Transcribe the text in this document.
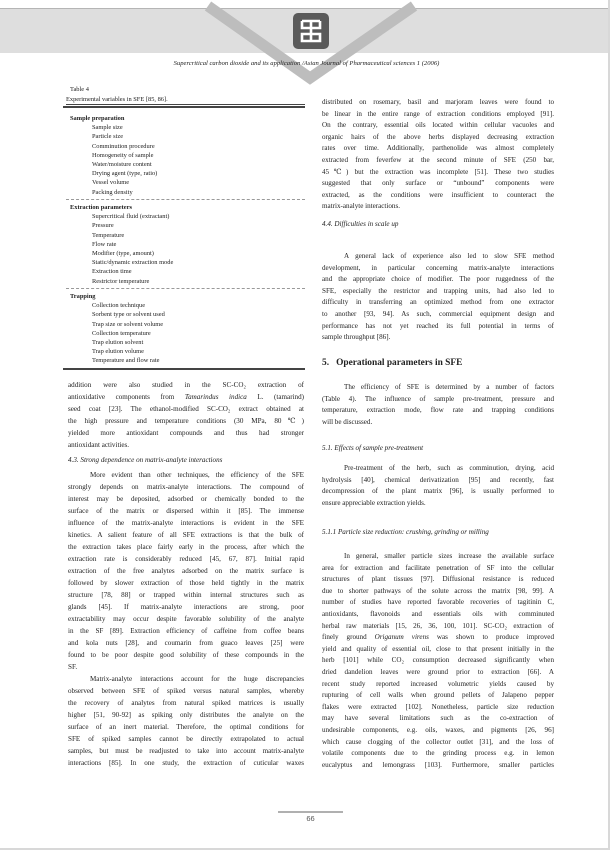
Supercritical carbon dioxide and its application /Asian Journal of Pharmaceutical sciences 1 (2006)
Table 4
Experimental variables in SFE [85, 86].
Sample preparation
Sample size
Particle size
Comminution procedure
Homogeneity of sample
Water/moisture content
Drying agent (type, ratio)
Vessel volume
Packing density
Extraction parameters
Supercritical fluid (extractant)
Pressure
Temperature
Flow rate
Modifier (type, amount)
Static/dynamic extraction mode
Extraction time
Restrictor temperature
Trapping
Collection technique
Sorbent type or solvent used
Trap size or solvent volume
Collection temperature
Trap elution solvent
Trap elution volume
Temperature and flow rate
addition were also studied in the SC-CO₂ extraction of
antioxidative components from Tamarindus indica L. (tamarind)
seed coat [23]. The ethanol-modified SC-CO₂ extract obtained at
the high pressure and temperature conditions (30 MPa, 80℃)
yielded more antioxidant compounds and thus had stronger
antioxidant activities.
4.3. Strong dependence on matrix-analyte interactions
More evident than other techniques, the efficiency of the SFE
strongly depends on matrix-analyte interactions. The compound of
interest may be deposited, adsorbed or chemically bonded to the
surface of the matrix or dispersed within it [85]. The immense
influence of the matrix-analyte interactions is evident in the SFE
kinetics. A salient feature of all SFE extractions is that the bulk of
the extraction takes place fairly early in the process, after which the
extraction rate is considerably reduced [45, 67, 87]. Initial rapid
extraction of the free analytes adsorbed on the matrix surface is
followed by slower extraction of those held tightly in the matrix
structure [78, 88] or trapped within internal structures such as
glands [45]. If matrix-analyte interactions are strong, poor
extractability may occur despite favorable solubility of the analyte
in the SF [89]. Extraction efficiency of caffeine from coffee beans
and kola nuts [28], and coumarin from guaco leaves [25] were
found to be poor despite good solubility of these compounds in the
SF.
Matrix-analyte interactions account for the huge discrepancies
observed between SFE of spiked versus natural samples, whereby
the recovery of analytes from natural spiked matrices is usually
higher [51, 90-92] as spiking only distributes the analyte on the
surface of an inert material. Therefore, the optimal conditions for
SFE of spiked samples cannot be directly extrapolated to actual
samples, but must be readjusted to take into account matrix-analyte
interactions [85]. In one study, the extraction of cuticular waxes
distributed on rosemary, basil and marjoram leaves were found to
be linear in the entire range of extraction conditions employed [91].
On the contrary, essential oils located within cellular vacuoles and
organic hairs of the above herbs displayed decreasing extraction
rates over time. Additionally, parthenolide was almost completely
extracted from feverfew at the second minute of SFE (250 bar,
45℃) but the extraction was incomplete [51]. These two studies
suggested that only surface or “unbound” components were
extracted, as the conditions were insufficient to counteract the
matrix-analyte interactions.
4.4. Difficulties in scale up
A general lack of experience also led to slow SFE method
development, in particular concerning matrix-analyte interactions
and the appropriate choice of modifier. The poor ruggedness of the
SFE, especially the restrictor and trapping units, had also led to
difficulty in transferring an optimized method from one extractor
to another [93, 94]. As such, commercial equipment design and
performance has not yet reached its full potential in terms of
sample throughput [86].
5.   Operational parameters in SFE
The efficiency of SFE is determined by a number of factors
(Table 4). The influence of sample pre-treatment, pressure and
temperature, extraction mode, flow rate and trapping conditions
will be discussed.
5.1. Effects of sample pre-treatment
Pre-treatment of the herb, such as comminution, drying, acid
hydrolysis [40], chemical derivatization [95] and recently, fast
decompression of the plant matrix [96], is usually performed to
ensure appreciable extraction yields.
5.1.1 Particle size reduction: crushing, grinding or milling
In general, smaller particle sizes increase the available surface
area for extraction and facilitate penetration of SF into the cellular
structures of plant tissues [97]. Diffusional resistance is reduced
due to shorter pathways of the solute across the matrix [98, 99]. A
number of studies have reported favorable recoveries of tagitinin C,
antioxidants, flavonoids and essentials oils with comminuted
herbal raw materials [15, 26, 36, 100, 101]. SC-CO₂ extraction of
finely ground Origanum virens was shown to produce improved
yield and quality of essential oil, close to that present initially in the
herb [101] while CO₂ consumption decreased significantly when
dried dandelion leaves were ground prior to extraction [66]. A
recent study reported increased volumetric yields caused by
rupturing of cell walls when ground pellets of Jalapeno pepper
flakes were extracted [102]. Nonetheless, particle size reduction
may have several limitations such as the co-extraction of
undesirable components, e.g. oils, waxes, and pigments [26, 96]
which cause clogging of the collector outlet [31], and the loss of
volatile components due to the grinding process e.g. in lemon
eucalyptus and lemongrass [103]. Furthermore, smaller particles
66
